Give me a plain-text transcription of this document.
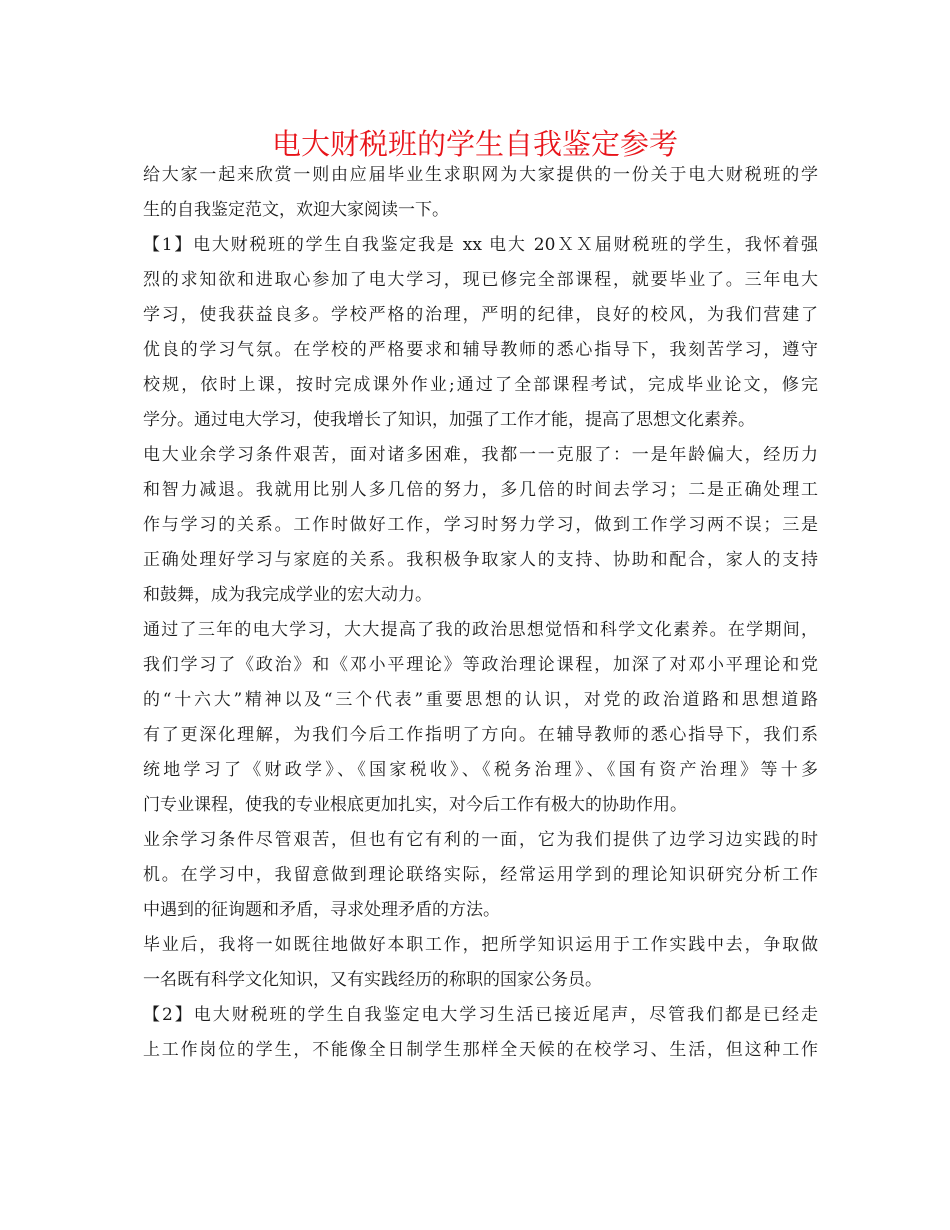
电大财税班的学生自我鉴定参考
给大家一起来欣赏一则由应届毕业生求职网为大家提供的一份关于电大财税班的学
生的自我鉴定范文，欢迎大家阅读一下。
【1】电大财税班的学生自我鉴定我是 xx 电大 20ＸＸ届财税班的学生，我怀着强
烈的求知欲和进取心参加了电大学习，现已修完全部课程，就要毕业了。三年电大
学习，使我获益良多。学校严格的治理，严明的纪律，良好的校风，为我们营建了
优良的学习气氛。在学校的严格要求和辅导教师的悉心指导下，我刻苦学习，遵守
校规，依时上课，按时完成课外作业;通过了全部课程考试，完成毕业论文，修完
学分。通过电大学习，使我增长了知识，加强了工作才能，提高了思想文化素养。
电大业余学习条件艰苦，面对诸多困难，我都一一克服了：一是年龄偏大，经历力
和智力减退。我就用比别人多几倍的努力，多几倍的时间去学习；二是正确处理工
作与学习的关系。工作时做好工作，学习时努力学习，做到工作学习两不误；三是
正确处理好学习与家庭的关系。我积极争取家人的支持、协助和配合，家人的支持
和鼓舞，成为我完成学业的宏大动力。
通过了三年的电大学习，大大提高了我的政治思想觉悟和科学文化素养。在学期间，
我们学习了《政治》和《邓小平理论》等政治理论课程，加深了对邓小平理论和党
的“十六大”精神以及“三个代表”重要思想的认识，对党的政治道路和思想道路
有了更深化理解，为我们今后工作指明了方向。在辅导教师的悉心指导下，我们系
统地学习了《财政学》、《国家税收》、《税务治理》、《国有资产治理》等十多
门专业课程，使我的专业根底更加扎实，对今后工作有极大的协助作用。
业余学习条件尽管艰苦，但也有它有利的一面，它为我们提供了边学习边实践的时
机。在学习中，我留意做到理论联络实际，经常运用学到的理论知识研究分析工作
中遇到的征询题和矛盾，寻求处理矛盾的方法。
毕业后，我将一如既往地做好本职工作，把所学知识运用于工作实践中去，争取做
一名既有科学文化知识，又有实践经历的称职的国家公务员。
【2】电大财税班的学生自我鉴定电大学习生活已接近尾声，尽管我们都是已经走
上工作岗位的学生，不能像全日制学生那样全天候的在校学习、生活，但这种工作
